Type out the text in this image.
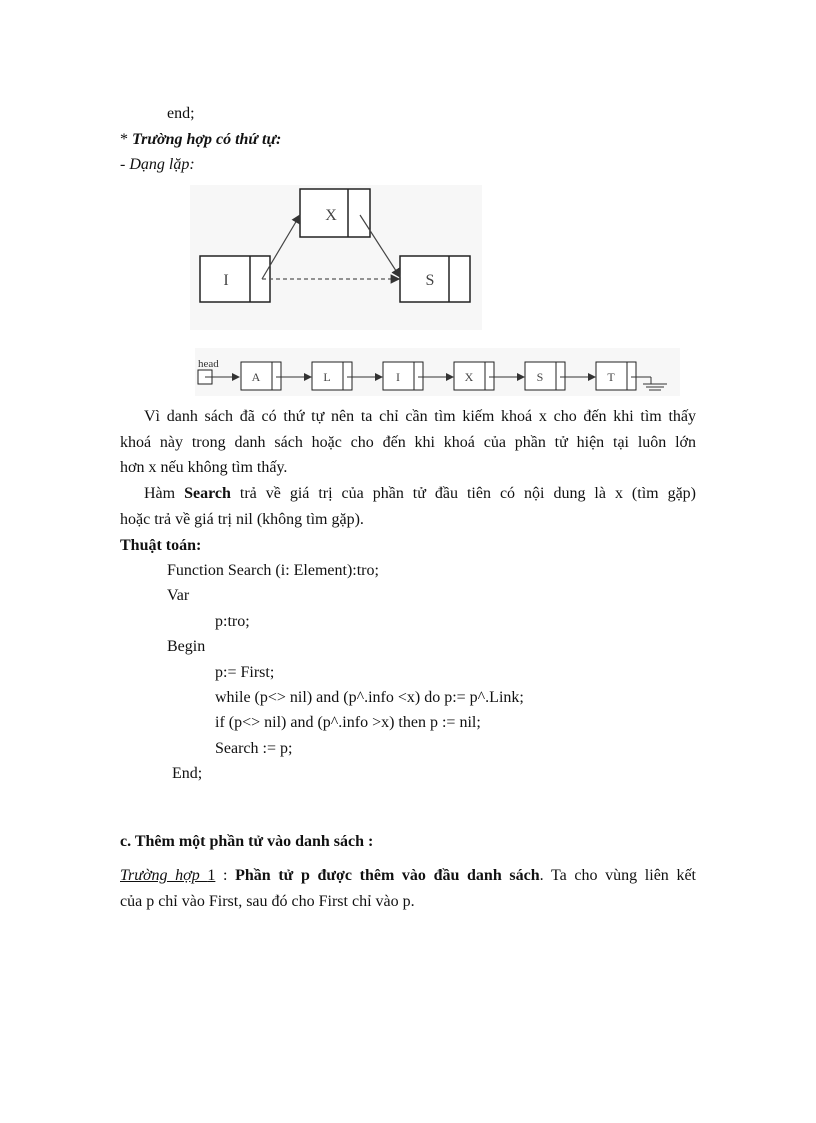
end;
* Trường hợp có thứ tự:
- Dạng lặp:
X
I	S
head
A	L	I	X	S	T
Vì danh sách đã có thứ tự nên ta chỉ cần tìm kiếm khoá x cho đến khi tìm thấy
khoá này trong danh sách hoặc cho đến khi khoá của phần tử hiện tại luôn lớn
hơn x nếu không tìm thấy.
Hàm Search trả về giá trị của phần tử đầu tiên có nội dung là x (tìm gặp)
hoặc trả về giá trị nil (không tìm gặp).
Thuật toán:
Function Search (i: Element):tro;
Var
p:tro;
Begin
p:= First;
while (p<> nil) and (p^.info <x) do p:= p^.Link;
if (p<> nil) and (p^.info >x) then p := nil;
Search := p;
End;
c. Thêm một phần tử vào danh sách :
Trường hợp 1 : Phần tử p được thêm vào đầu danh sách. Ta cho vùng liên kết
của p chỉ vào First, sau đó cho First chỉ vào p.
